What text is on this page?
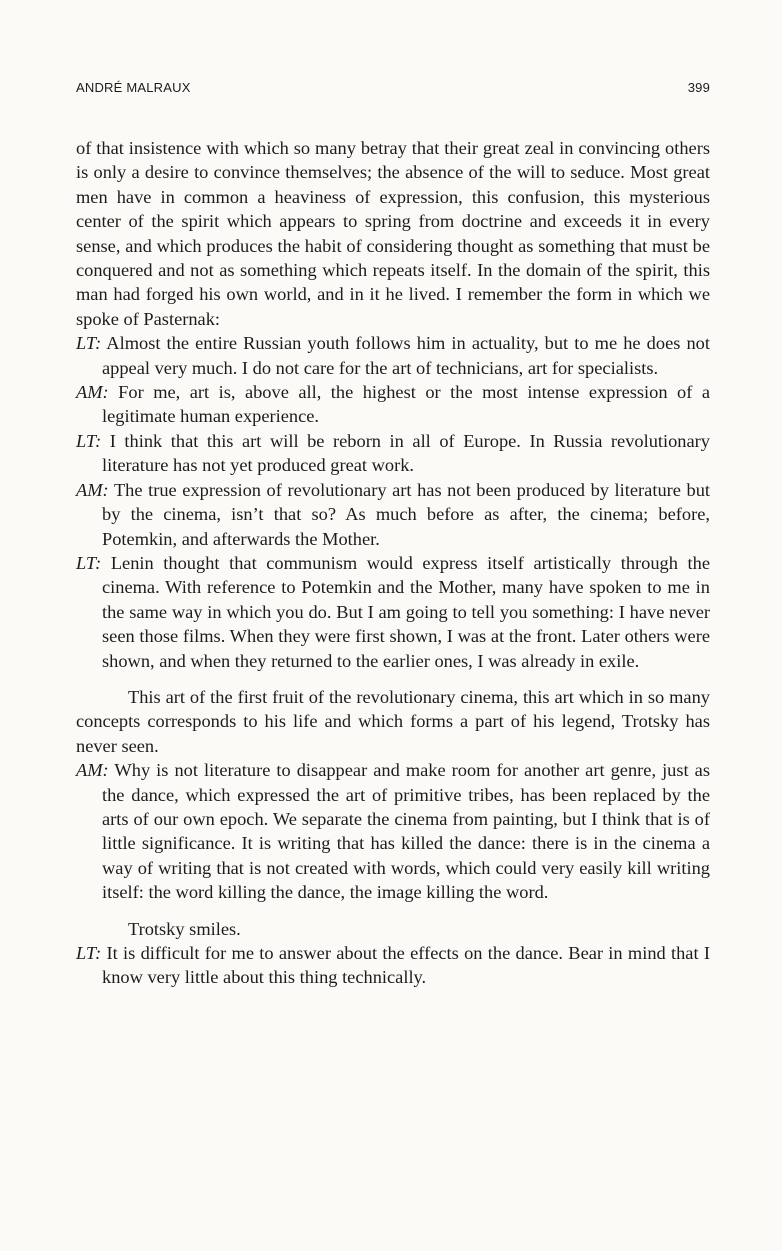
ANDRÉ MALRAUX	399

of that insistence with which so many betray that their great zeal in convincing others is only a desire to convince themselves; the absence of the will to seduce. Most great men have in common a heaviness of expression, this confusion, this mysterious center of the spirit which appears to spring from doctrine and exceeds it in every sense, and which produces the habit of considering thought as something that must be conquered and not as something which repeats itself. In the domain of the spirit, this man had forged his own world, and in it he lived. I remember the form in which we spoke of Pasternak:

LT: Almost the entire Russian youth follows him in actuality, but to me he does not appeal very much. I do not care for the art of technicians, art for specialists.

AM: For me, art is, above all, the highest or the most intense expression of a legitimate human experience.

LT: I think that this art will be reborn in all of Europe. In Russia revolutionary literature has not yet produced great work.

AM: The true expression of revolutionary art has not been produced by literature but by the cinema, isn’t that so? As much before as after, the cinema; before, Potemkin, and afterwards the Mother.

LT: Lenin thought that communism would express itself artistically through the cinema. With reference to Potemkin and the Mother, many have spoken to me in the same way in which you do. But I am going to tell you something: I have never seen those films. When they were first shown, I was at the front. Later others were shown, and when they returned to the earlier ones, I was already in exile.

This art of the first fruit of the revolutionary cinema, this art which in so many concepts corresponds to his life and which forms a part of his legend, Trotsky has never seen.

AM: Why is not literature to disappear and make room for another art genre, just as the dance, which expressed the art of primitive tribes, has been replaced by the arts of our own epoch. We separate the cinema from painting, but I think that is of little significance. It is writing that has killed the dance: there is in the cinema a way of writing that is not created with words, which could very easily kill writing itself: the word killing the dance, the image killing the word.

Trotsky smiles.

LT: It is difficult for me to answer about the effects on the dance. Bear in mind that I know very little about this thing technically.
